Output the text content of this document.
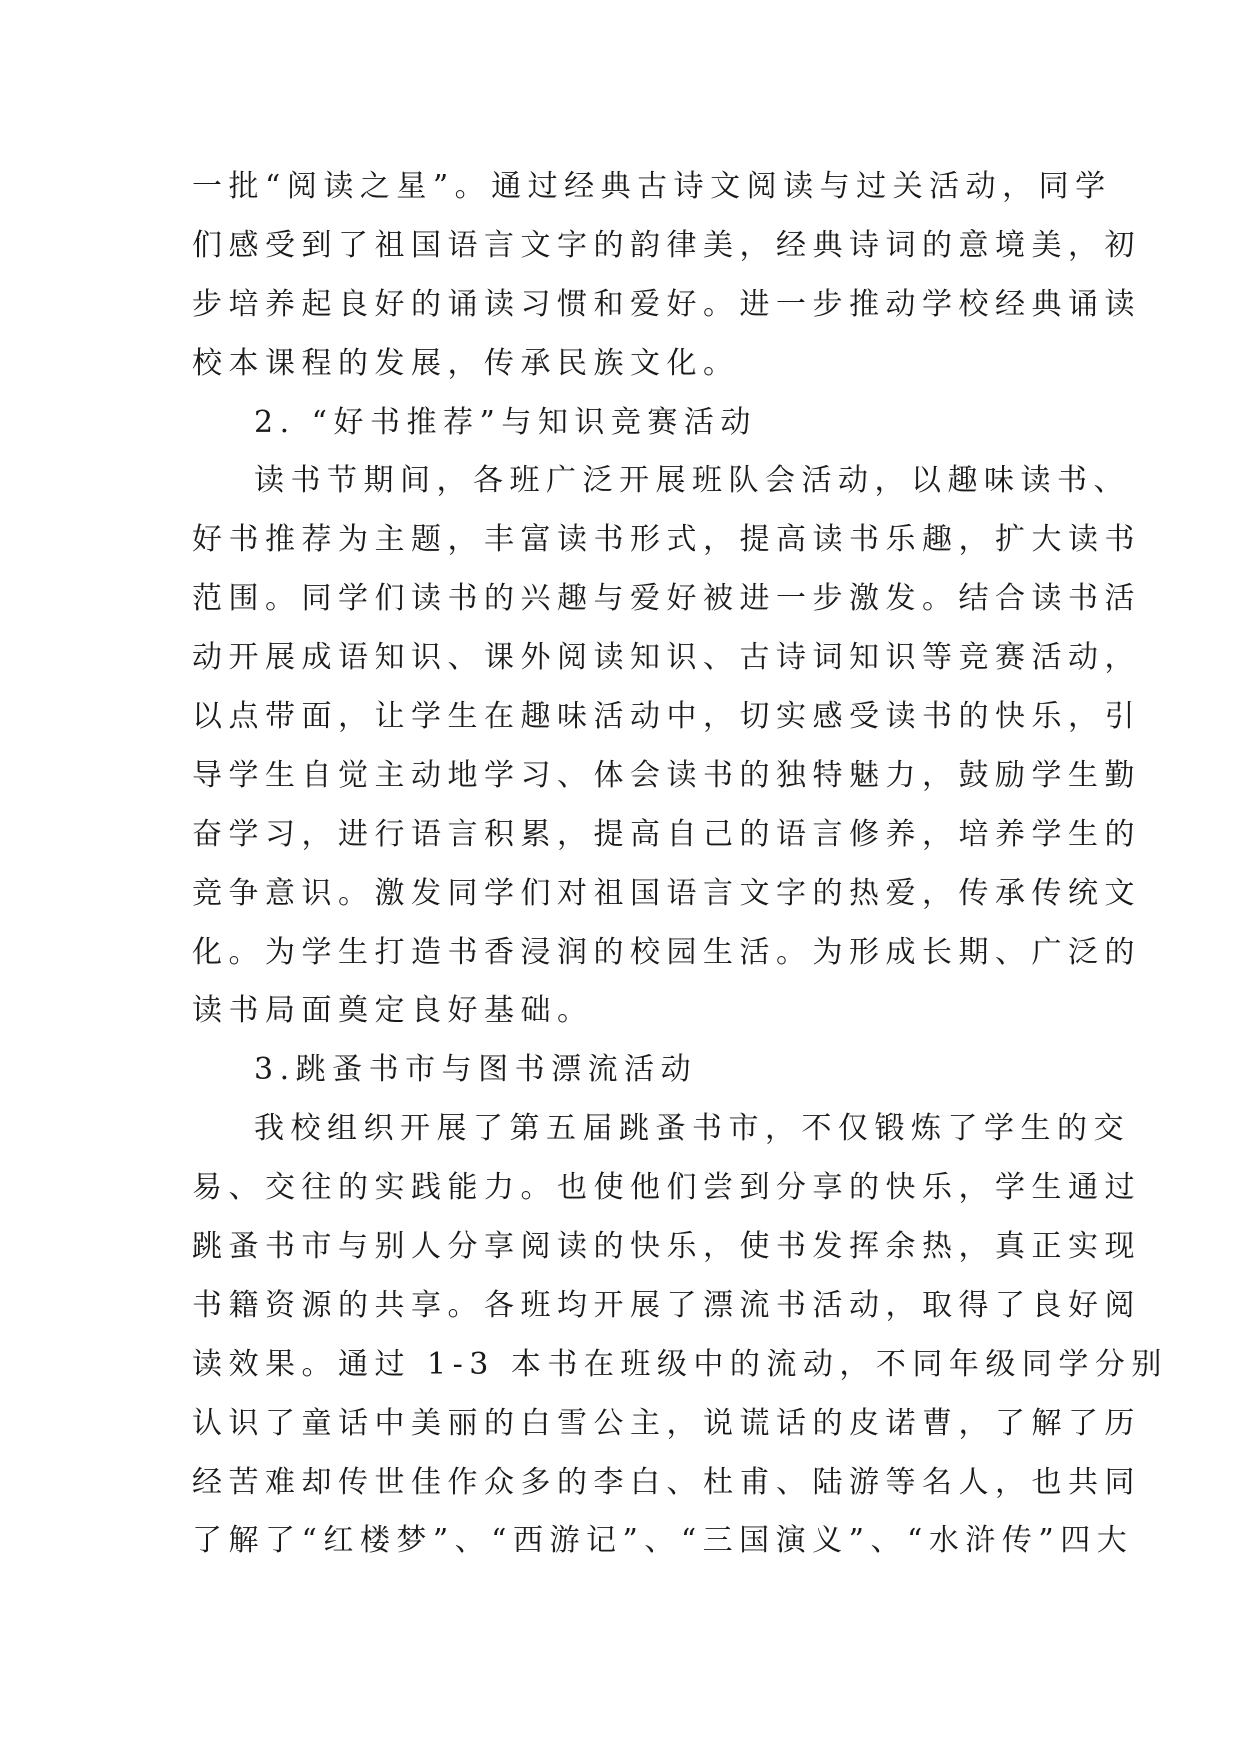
一批“阅读之星”。通过经典古诗文阅读与过关活动，同学
们感受到了祖国语言文字的韵律美，经典诗词的意境美，初
步培养起良好的诵读习惯和爱好。进一步推动学校经典诵读
校本课程的发展，传承民族文化。
2. “好书推荐”与知识竞赛活动
读书节期间，各班广泛开展班队会活动，以趣味读书、
好书推荐为主题，丰富读书形式，提高读书乐趣，扩大读书
范围。同学们读书的兴趣与爱好被进一步激发。结合读书活
动开展成语知识、课外阅读知识、古诗词知识等竞赛活动，
以点带面，让学生在趣味活动中，切实感受读书的快乐，引
导学生自觉主动地学习、体会读书的独特魅力，鼓励学生勤
奋学习，进行语言积累，提高自己的语言修养，培养学生的
竞争意识。激发同学们对祖国语言文字的热爱，传承传统文
化。为学生打造书香浸润的校园生活。为形成长期、广泛的
读书局面奠定良好基础。
3.跳蚤书市与图书漂流活动
我校组织开展了第五届跳蚤书市，不仅锻炼了学生的交
易、交往的实践能力。也使他们尝到分享的快乐，学生通过
跳蚤书市与别人分享阅读的快乐，使书发挥余热，真正实现
书籍资源的共享。各班均开展了漂流书活动，取得了良好阅
读效果。通过 1-3 本书在班级中的流动，不同年级同学分别
认识了童话中美丽的白雪公主，说谎话的皮诺曹，了解了历
经苦难却传世佳作众多的李白、杜甫、陆游等名人，也共同
了解了“红楼梦”、“西游记”、“三国演义”、“水浒传”四大
